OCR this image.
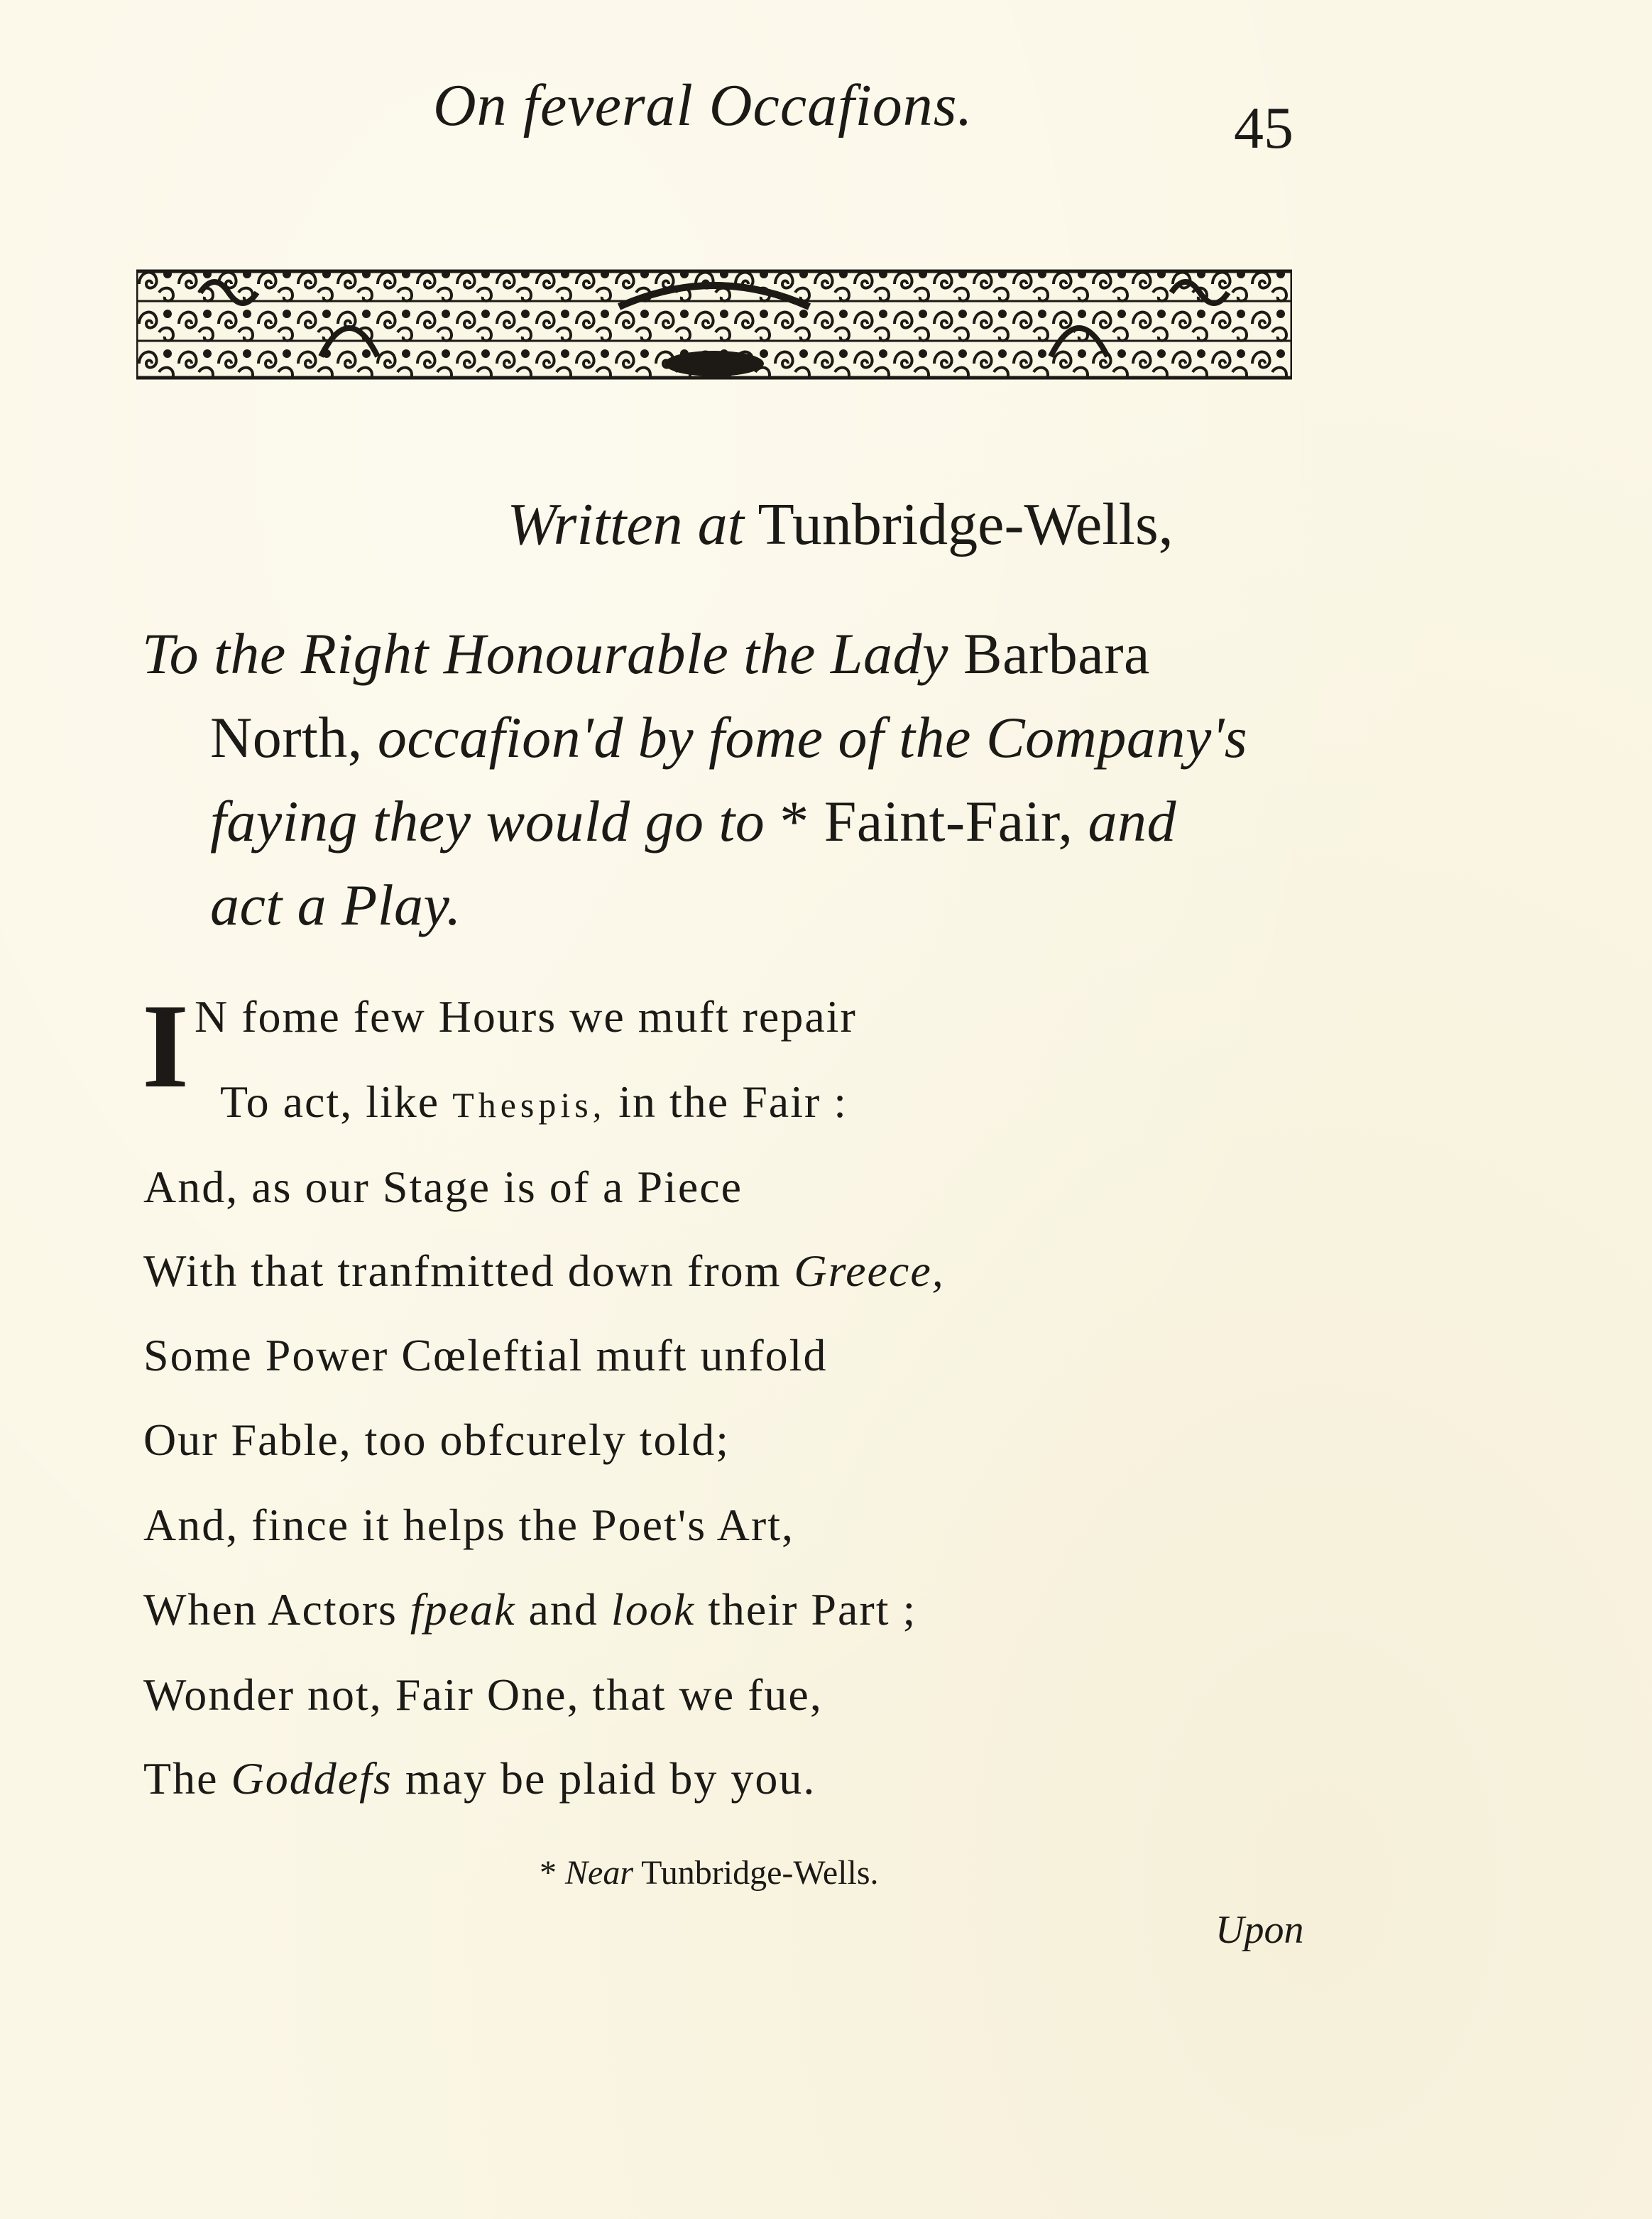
On feveral Occafions.	45
Written at Tunbridge-Wells,
To the Right Honourable the Lady Barbara
North, occafion'd by fome of the Company's
faying they would go to * Faint-Fair, and
act a Play.
I N fome few Hours we muft repair
To act, like Thespis, in the Fair :
And, as our Stage is of a Piece
With that tranfmitted down from Greece,
Some Power Cœleftial muft unfold
Our Fable, too obfcurely told;
And, fince it helps the Poet's Art,
When Actors fpeak and look their Part ;
Wonder not, Fair One, that we fue,
The Goddefs may be plaid by you.
* Near Tunbridge-Wells.
Upon
